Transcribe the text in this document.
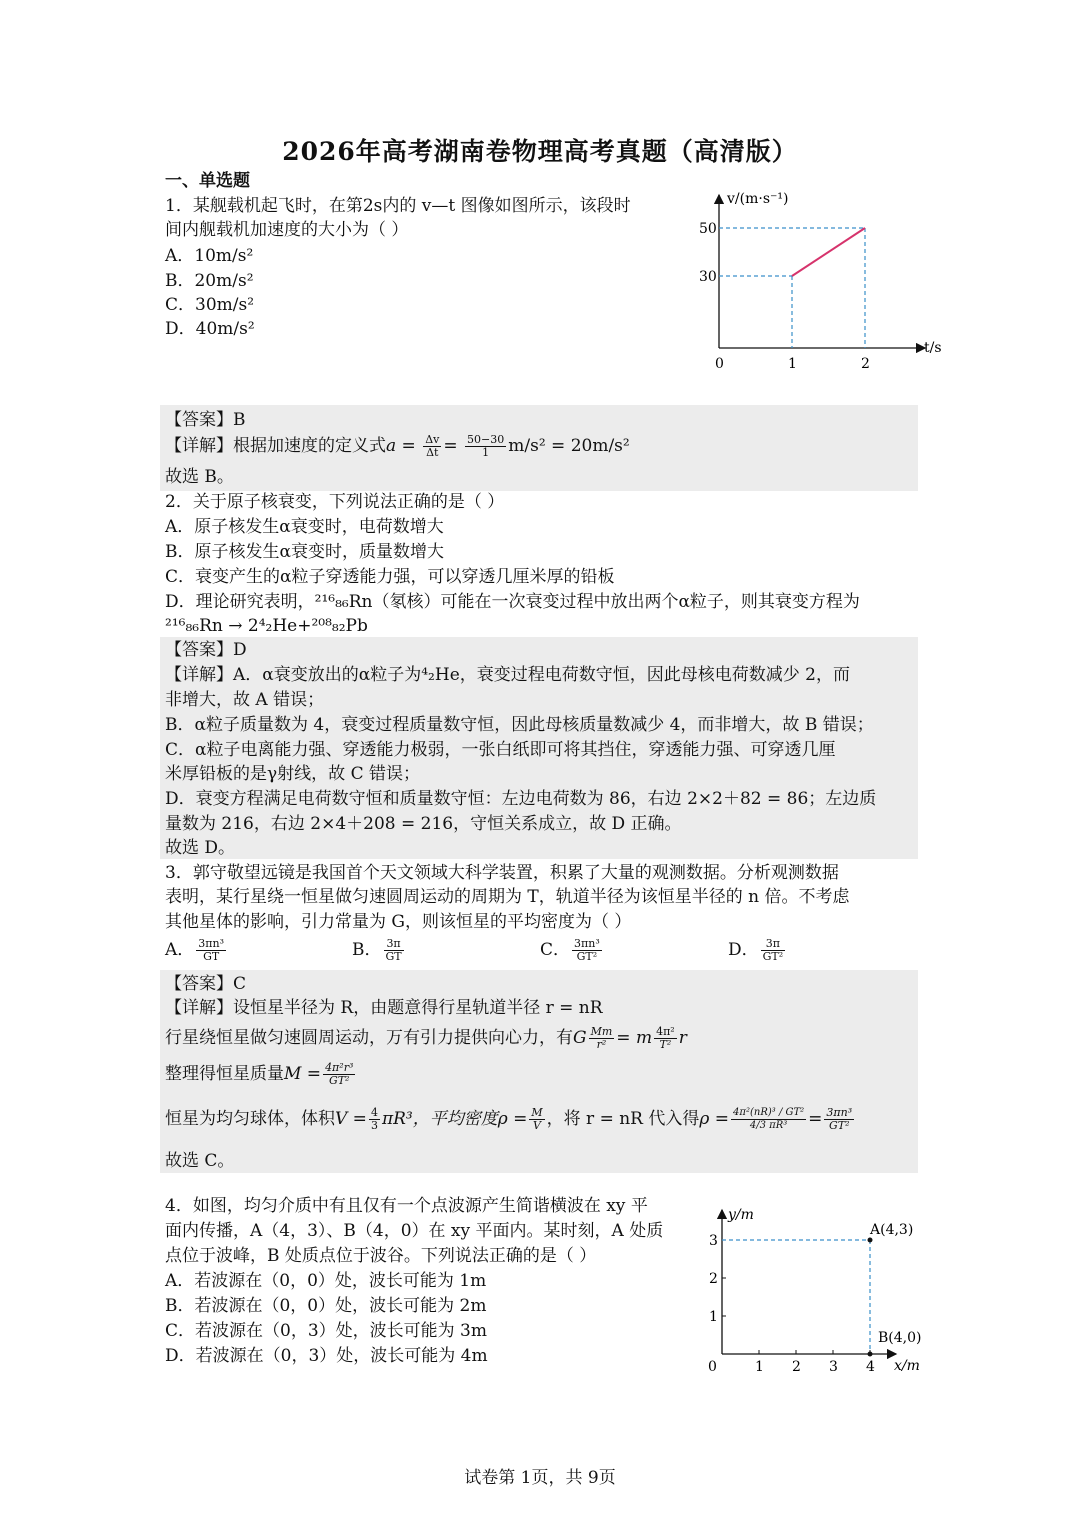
2026年高考湖南卷物理高考真题（高清版）
一、单选题
1．某舰载机起飞时，在第2s内的 v—t 图像如图所示，该段时
间内舰载机加速度的大小为（ ）
A．10m/s²
B．20m/s²
C．30m/s²
D．40m/s²
v/(m·s⁻¹)
t/s
0	1	2
30
50
【答案】B
【详解】根据加速度的定义式$a = \frac{\Delta v}{\Delta t} = \frac{50-30}{1} m/s^2 = 20m/s^2$
故选 B。
2．关于原子核衰变，下列说法正确的是（ ）
A．原子核发生α衰变时，电荷数增大
B．原子核发生α衰变时，质量数增大
C．衰变产生的α粒子穿透能力强，可以穿透几厘米厚的铅板
D．理论研究表明，²¹⁶₈₆Rn（氡核）可能在一次衰变过程中放出两个α粒子，则其衰变方程为
²¹⁶₈₆Rn → 2⁴₂He+²⁰⁸₈₂Pb
【答案】D
【详解】A．α衰变放出的α粒子为⁴₂He，衰变过程电荷数守恒，因此母核电荷数减少 2，而
非增大，故 A 错误；
B．α粒子质量数为 4，衰变过程质量数守恒，因此母核质量数减少 4，而非增大，故 B 错误；
C．α粒子电离能力强、穿透能力极弱，一张白纸即可将其挡住，穿透能力强、可穿透几厘
米厚铅板的是γ射线，故 C 错误；
D．衰变方程满足电荷数守恒和质量数守恒：左边电荷数为 86，右边 2×2＋82 = 86；左边质
量数为 216，右边 2×4＋208 = 216，守恒关系成立，故 D 正确。
故选 D。
3．郭守敬望远镜是我国首个天文领域大科学装置，积累了大量的观测数据。分析观测数据
表明，某行星绕一恒星做匀速圆周运动的周期为 T，轨道半径为该恒星半径的 n 倍。不考虑
其他星体的影响，引力常量为 G，则该恒星的平均密度为（ ）
A． $\frac{\text{3πn³}}{GT}$	B． $\frac{3\pi}{GT}$	C． $\frac{\text{3πn³}}{\text{GT²}}$	D． $\frac{3\pi}{\text{GT²}}$
【答案】C
【详解】设恒星半径为 R，由题意得行星轨道半径 r = nR
行星绕恒星做匀速圆周运动，万有引力提供向心力，有G $\frac{Mm}{\text{r²}} = m \frac{\text{4π²}}{\text{T²}}$ r
整理得恒星质量$M = \frac{\text{4π²r³}}{\text{GT²}}$
恒星为均匀球体，体积$V = \frac{4}{3} \pi R^3$，平均密度$\rho = \frac{M}{V}$ ，将 r = nR 代入得$\rho = \frac{\text{4π²(nR)³ / GT²}}{\text{4/3 πR³}} = \frac{\text{3πn³}}{\text{GT²}}$
故选 C。
4．如图，均匀介质中有且仅有一个点波源产生简谐横波在 xy 平
面内传播，A（4，3）、B（4，0）在 xy 平面内。某时刻，A 处质
点位于波峰，B 处质点位于波谷。下列说法正确的是（ ）
A．若波源在（0，0）处，波长可能为 1m
B．若波源在（0，0）处，波长可能为 2m
C．若波源在（0，3）处，波长可能为 3m
D．若波源在（0，3）处，波长可能为 4m
y/m
x/m
0	1 2 3 4
1
2
3
A(4,3)
B(4,0)
试卷第 1页，共 9页
